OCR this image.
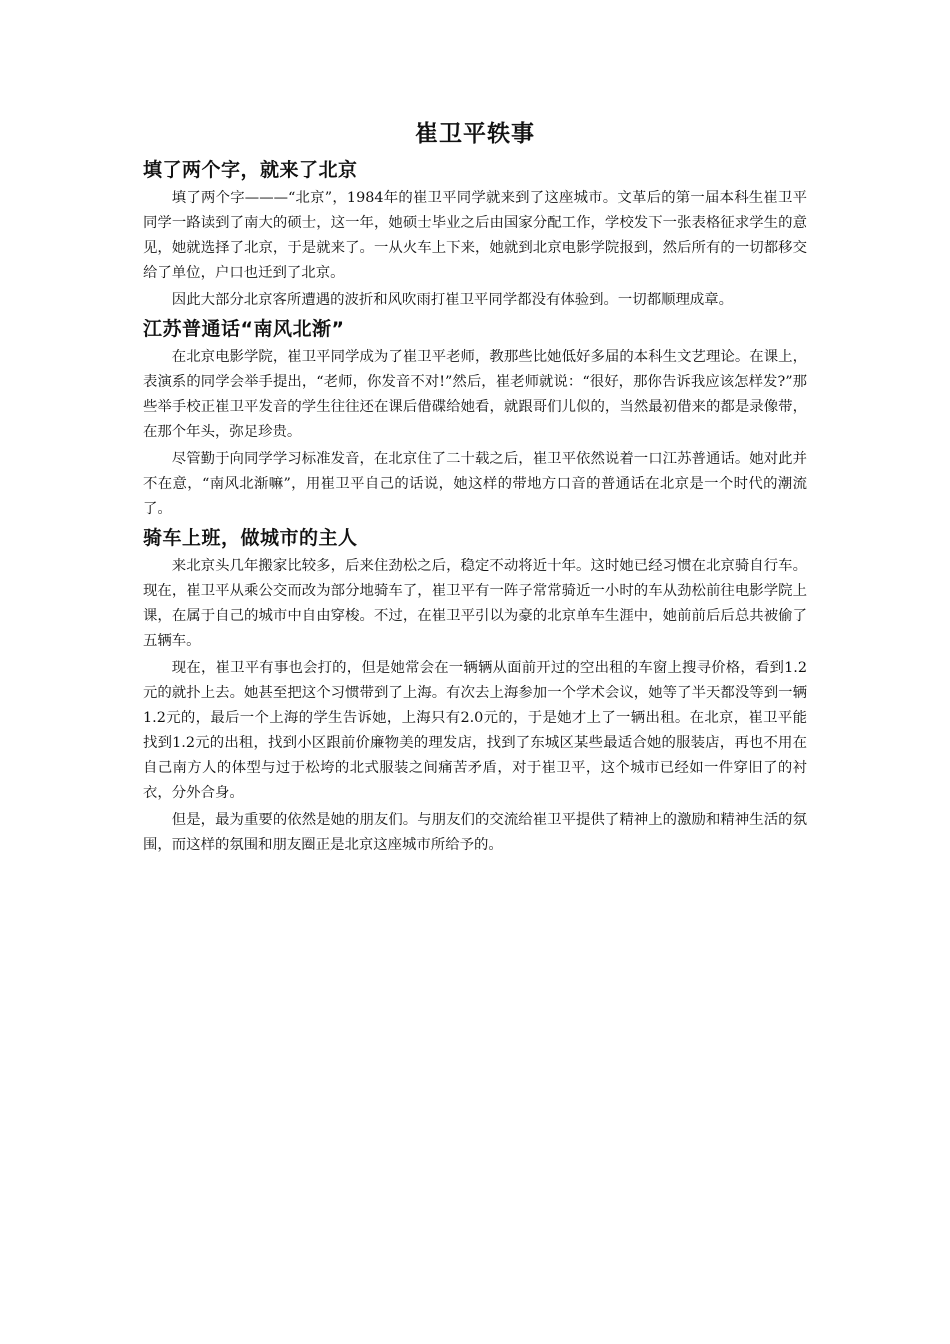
崔卫平轶事
填了两个字，就来了北京

填了两个字———“北京”，1984年的崔卫平同学就来到了这座城市。文革后的第一届本科生崔卫平同学一路读到了南大的硕士，这一年，她硕士毕业之后由国家分配工作，学校发下一张表格征求学生的意见，她就选择了北京，于是就来了。一从火车上下来，她就到北京电影学院报到，然后所有的一切都移交给了单位，户口也迁到了北京。

因此大部分北京客所遭遇的波折和风吹雨打崔卫平同学都没有体验到。一切都顺理成章。

江苏普通话“南风北渐”

在北京电影学院，崔卫平同学成为了崔卫平老师，教那些比她低好多届的本科生文艺理论。在课上，表演系的同学会举手提出，“老师，你发音不对!”然后，崔老师就说：“很好，那你告诉我应该怎样发?”那些举手校正崔卫平发音的学生往往还在课后借碟给她看，就跟哥们儿似的，当然最初借来的都是录像带，在那个年头，弥足珍贵。

尽管勤于向同学学习标准发音，在北京住了二十载之后，崔卫平依然说着一口江苏普通话。她对此并不在意，“南风北渐嘛”，用崔卫平自己的话说，她这样的带地方口音的普通话在北京是一个时代的潮流了。

骑车上班，做城市的主人

来北京头几年搬家比较多，后来住劲松之后，稳定不动将近十年。这时她已经习惯在北京骑自行车。现在，崔卫平从乘公交而改为部分地骑车了，崔卫平有一阵子常常骑近一小时的车从劲松前往电影学院上课，在属于自己的城市中自由穿梭。不过，在崔卫平引以为豪的北京单车生涯中，她前前后后总共被偷了五辆车。

现在，崔卫平有事也会打的，但是她常会在一辆辆从面前开过的空出租的车窗上搜寻价格，看到1.2元的就扑上去。她甚至把这个习惯带到了上海。有次去上海参加一个学术会议，她等了半天都没等到一辆1.2元的，最后一个上海的学生告诉她，上海只有2.0元的，于是她才上了一辆出租。在北京，崔卫平能找到1.2元的出租，找到小区跟前价廉物美的理发店，找到了东城区某些最适合她的服装店，再也不用在自己南方人的体型与过于松垮的北式服装之间痛苦矛盾，对于崔卫平，这个城市已经如一件穿旧了的衬衣，分外合身。

但是，最为重要的依然是她的朋友们。与朋友们的交流给崔卫平提供了精神上的激励和精神生活的氛围，而这样的氛围和朋友圈正是北京这座城市所给予的。
